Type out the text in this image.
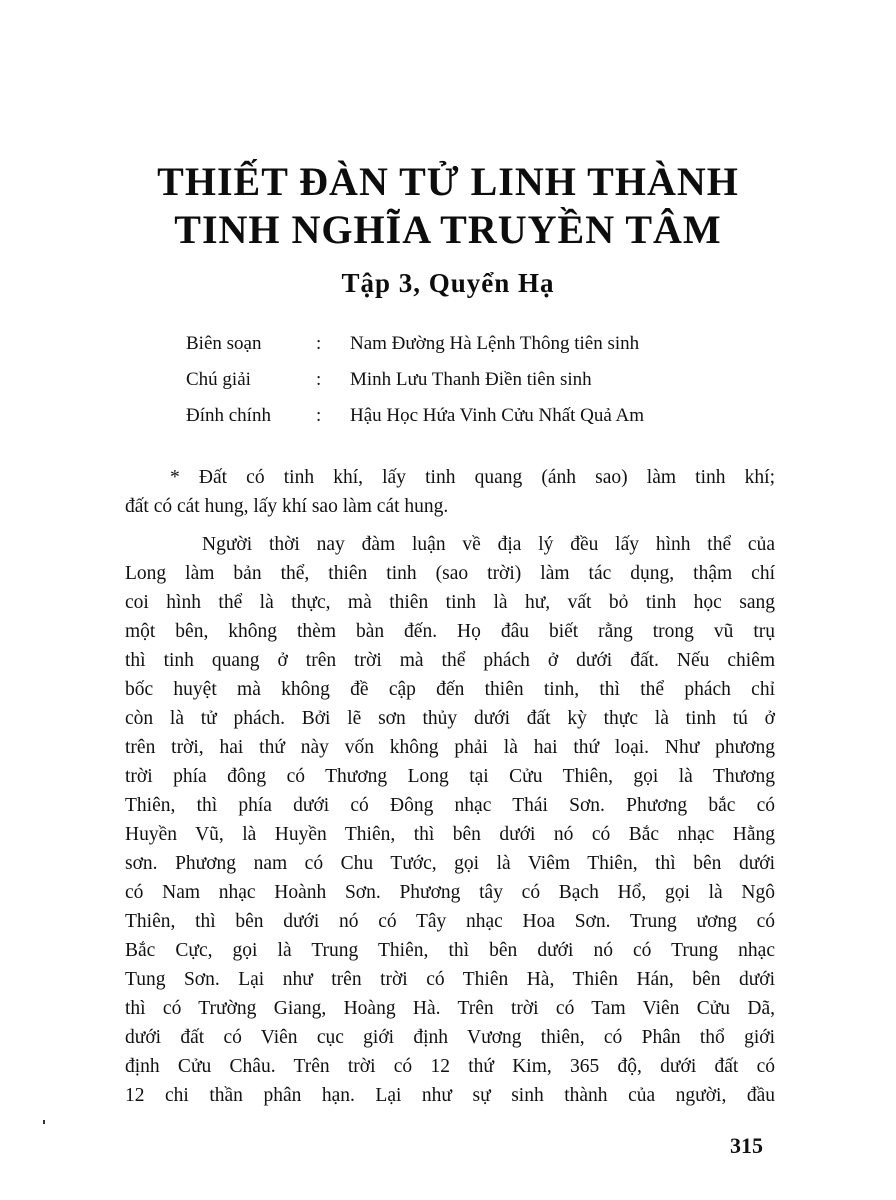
THIẾT ĐÀN TỬ LINH THÀNH
TINH NGHĨA TRUYỀN TÂM
Tập 3, Quyển Hạ
Biên soạn	:	Nam Đường Hà Lệnh Thông tiên sinh
Chú giải	:	Minh Lưu Thanh Điền tiên sinh
Đính chính	:	Hậu Học Hứa Vinh Cửu Nhất Quả Am
* Đất có tinh khí, lấy tinh quang (ánh sao) làm tinh khí;
đất có cát hung, lấy khí sao làm cát hung.
Người thời nay đàm luận về địa lý đều lấy hình thể của
Long làm bản thể, thiên tinh (sao trời) làm tác dụng, thậm chí
coi hình thể là thực, mà thiên tinh là hư, vất bỏ tinh học sang
một bên, không thèm bàn đến. Họ đâu biết rằng trong vũ trụ
thì tinh quang ở trên trời mà thể phách ở dưới đất. Nếu chiêm
bốc huyệt mà không đề cập đến thiên tinh, thì thể phách chỉ
còn là tử phách. Bởi lẽ sơn thủy dưới đất kỳ thực là tinh tú ở
trên trời, hai thứ này vốn không phải là hai thứ loại. Như phương
trời phía đông có Thương Long tại Cửu Thiên, gọi là Thương
Thiên, thì phía dưới có Đông nhạc Thái Sơn. Phương bắc có
Huyền Vũ, là Huyền Thiên, thì bên dưới nó có Bắc nhạc Hằng
sơn. Phương nam có Chu Tước, gọi là Viêm Thiên, thì bên dưới
có Nam nhạc Hoành Sơn. Phương tây có Bạch Hổ, gọi là Ngô
Thiên, thì bên dưới nó có Tây nhạc Hoa Sơn. Trung ương có
Bắc Cực, gọi là Trung Thiên, thì bên dưới nó có Trung nhạc
Tung Sơn. Lại như trên trời có Thiên Hà, Thiên Hán, bên dưới
thì có Trường Giang, Hoàng Hà. Trên trời có Tam Viên Cửu Dã,
dưới đất có Viên cục giới định Vương thiên, có Phân thổ giới
định Cửu Châu. Trên trời có 12 thứ Kim, 365 độ, dưới đất có
12 chi thần phân hạn. Lại như sự sinh thành của người, đầu
315
